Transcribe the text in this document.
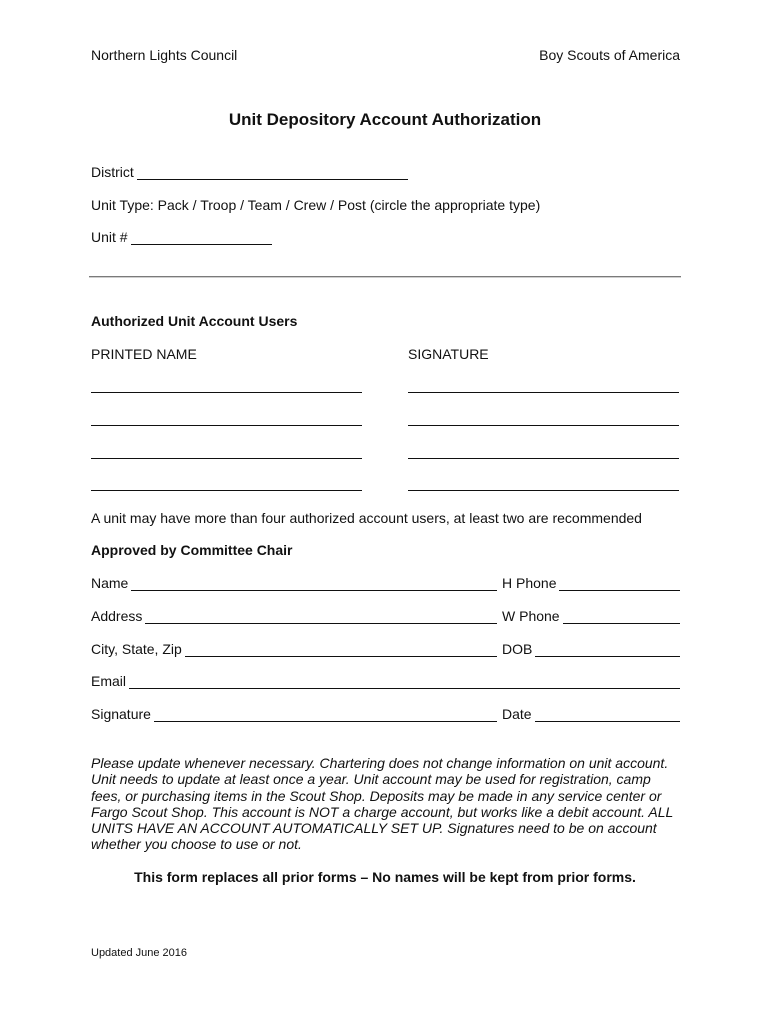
Northern Lights Council	Boy Scouts of America
Unit Depository Account Authorization
District
Unit Type: Pack / Troop / Team / Crew / Post (circle the appropriate type)
Unit #
Authorized Unit Account Users
PRINTED NAME	SIGNATURE
A unit may have more than four authorized account users, at least two are recommended
Approved by Committee Chair
Name	H Phone
Address	W Phone
City, State, Zip	DOB
Email
Signature	Date
Please update whenever necessary. Chartering does not change information on unit account. Unit needs to update at least once a year. Unit account may be used for registration, camp fees, or purchasing items in the Scout Shop. Deposits may be made in any service center or Fargo Scout Shop. This account is NOT a charge account, but works like a debit account. ALL UNITS HAVE AN ACCOUNT AUTOMATICALLY SET UP. Signatures need to be on account whether you choose to use or not.
This form replaces all prior forms – No names will be kept from prior forms.
Updated June 2016
